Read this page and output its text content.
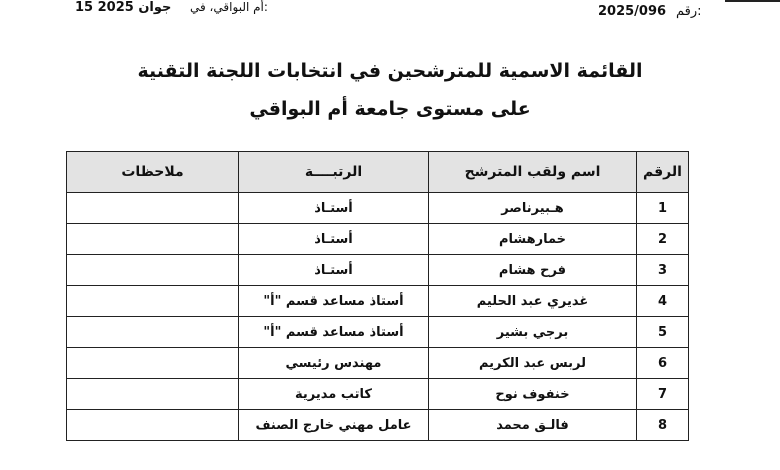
رقم:
2025/096
أم البواقي، في:
15 جوان 2025
القائمة الاسمية للمترشحين في انتخابات اللجنة التقنية
على مستوى جامعة أم البواقي
الرقم	اسم ولقب المترشح	الرتبــــة	ملاحظات
1	هـبيرناصر	أستـاذ	
2	خمارهشام	أستـاذ	
3	فرح هشام	أستـاذ	
4	غديري عبد الحليم	أستاذ مساعد قسم "أ"	
5	برجي بشير	أستاذ مساعد قسم "أ"	
6	لربس عبد الكريم	مهندس رئيسي	
7	خنفوف نوح	كاتب مديرية	
8	فالـق محمد	عامل مهني خارج الصنف	
